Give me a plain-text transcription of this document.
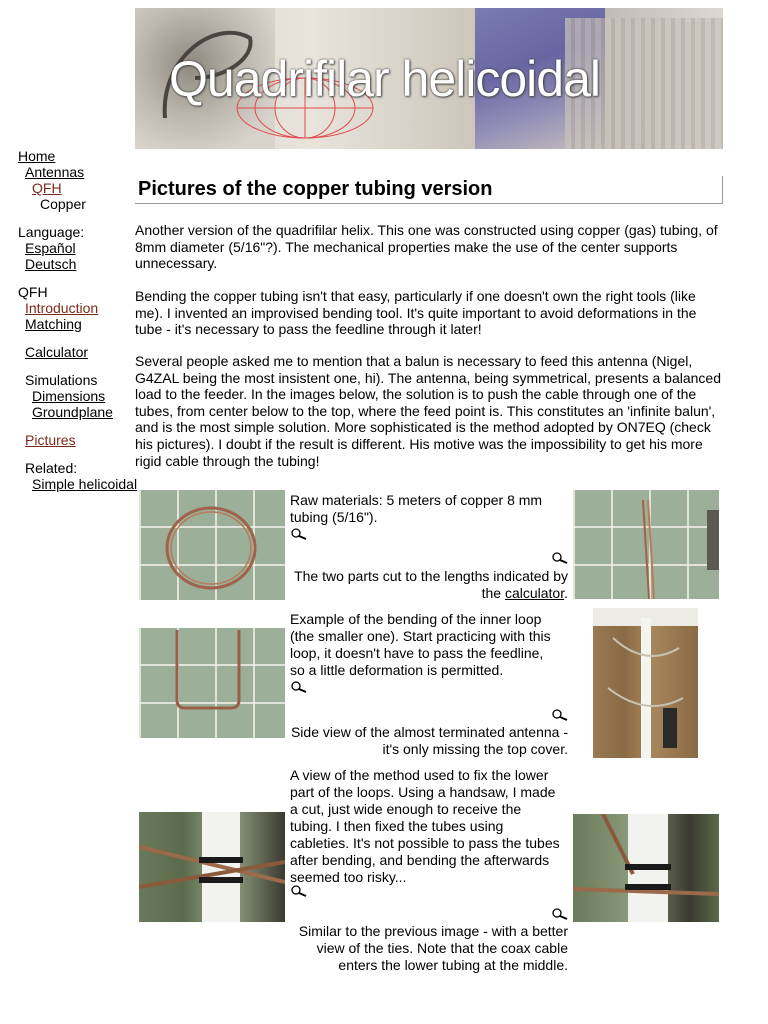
Quadrifilar helicoidal
Home
Antennas
QFH
Copper
Language:
Español
Deutsch
QFH
Introduction
Matching
Calculator
Simulations
Dimensions
Groundplane
Pictures
Related:
Simple helicoidal
Pictures of the copper tubing version

Another version of the quadrifilar helix. This one was constructed using copper (gas) tubing, of 8mm diameter (5/16"?). The mechanical properties make the use of the center supports unnecessary.

Bending the copper tubing isn't that easy, particularly if one doesn't own the right tools (like me). I invented an improvised bending tool. It's quite important to avoid deformations in the tube - it's necessary to pass the feedline through it later!

Several people asked me to mention that a balun is necessary to feed this antenna (Nigel, G4ZAL being the most insistent one, hi). The antenna, being symmetrical, presents a balanced load to the feeder. In the images below, the solution is to push the cable through one of the tubes, from center below to the top, where the feed point is. This constitutes an 'infinite balun', and is the most simple solution. More sophisticated is the method adopted by ON7EQ (check his pictures). I doubt if the result is different. His motive was the impossibility to get his more rigid cable through the tubing!

Raw materials: 5 meters of copper 8 mm tubing (5/16").

The two parts cut to the lengths indicated by the calculator.

Example of the bending of the inner loop (the smaller one). Start practicing with this loop, it doesn't have to pass the feedline, so a little deformation is permitted.

Side view of the almost terminated antenna - it's only missing the top cover.

A view of the method used to fix the lower part of the loops. Using a handsaw, I made a cut, just wide enough to receive the tubing. I then fixed the tubes using cableties. It's not possible to pass the tubes after bending, and bending the afterwards seemed too risky...

Similar to the previous image - with a better view of the ties. Note that the coax cable enters the lower tubing at the middle.
